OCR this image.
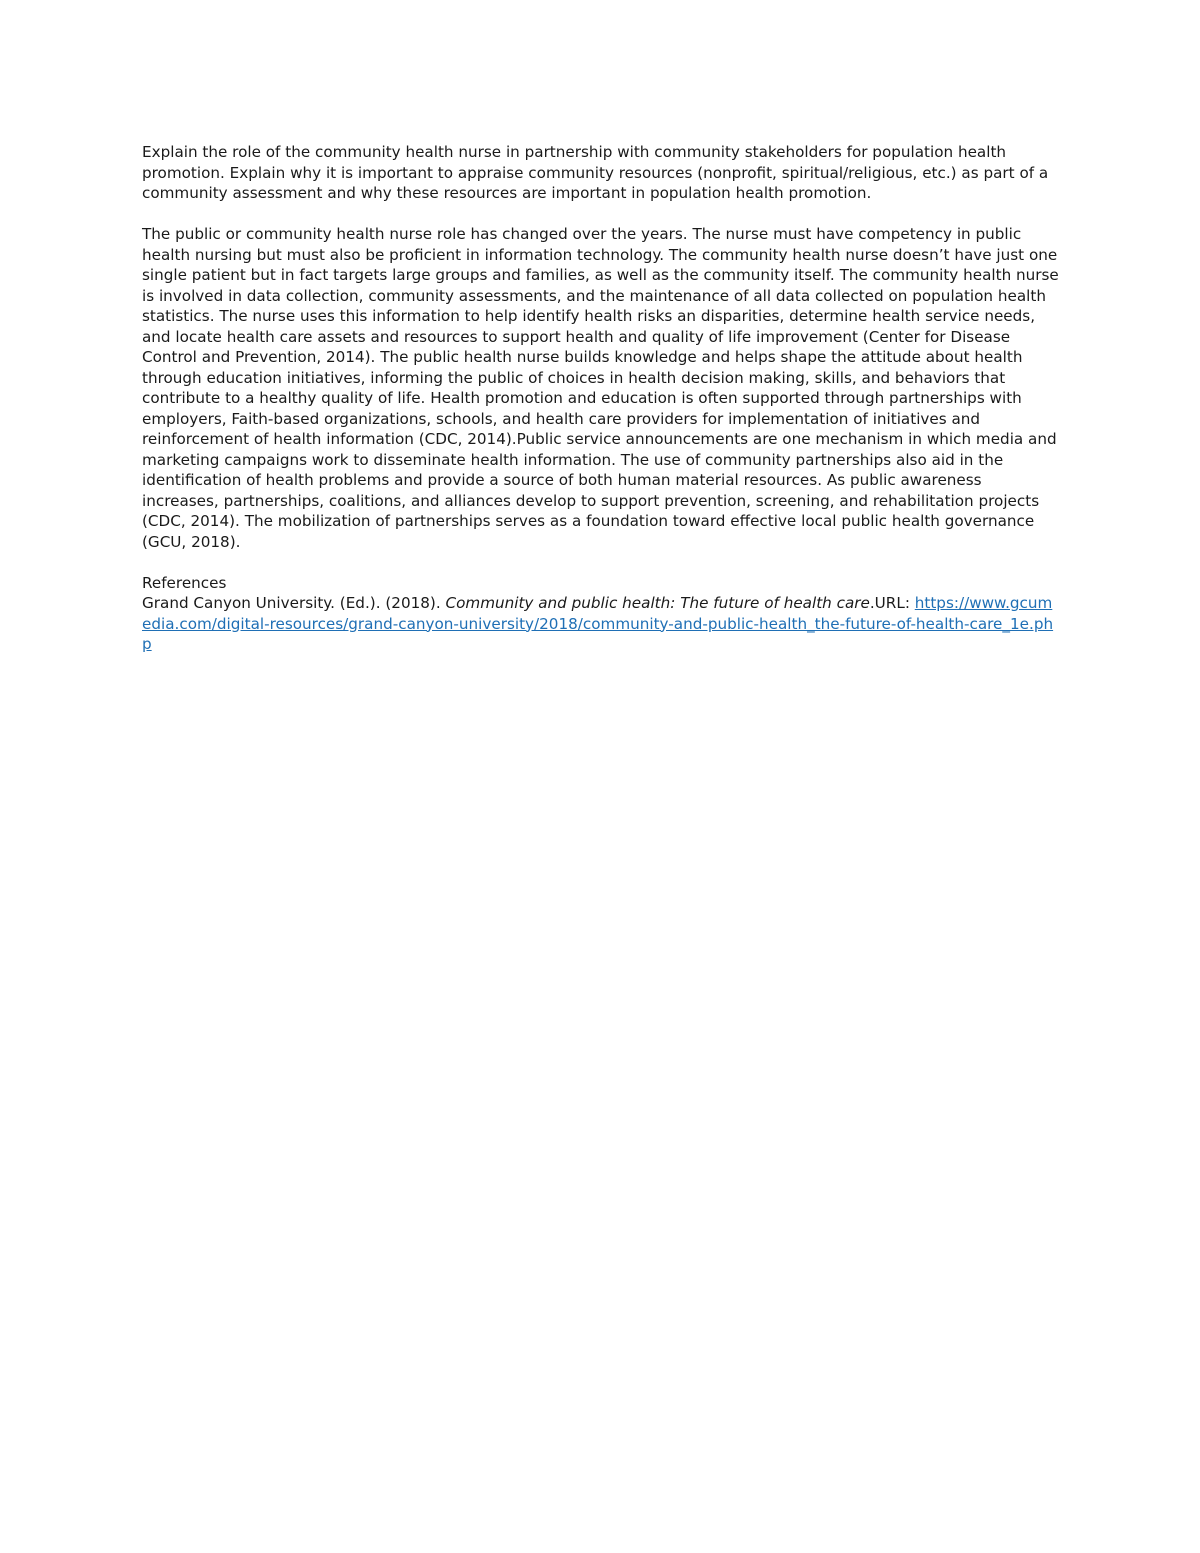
Explain the role of the community health nurse in partnership with community stakeholders for population health promotion. Explain why it is important to appraise community resources (nonprofit, spiritual/religious, etc.) as part of a community assessment and why these resources are important in population health promotion.

The public or community health nurse role has changed over the years. The nurse must have competency in public health nursing but must also be proficient in information technology. The community health nurse doesn’t have just one single patient but in fact targets large groups and families, as well as the community itself. The community health nurse is involved in data collection, community assessments, and the maintenance of all data collected on population health statistics. The nurse uses this information to help identify health risks an disparities, determine health service needs, and locate health care assets and resources to support health and quality of life improvement (Center for Disease Control and Prevention, 2014). The public health nurse builds knowledge and helps shape the attitude about health through education initiatives, informing the public of choices in health decision making, skills, and behaviors that contribute to a healthy quality of life. Health promotion and education is often supported through partnerships with employers, Faith-based organizations, schools, and health care providers for implementation of initiatives and reinforcement of health information (CDC, 2014).Public service announcements are one mechanism in which media and marketing campaigns work to disseminate health information. The use of community partnerships also aid in the identification of health problems and provide a source of both human material resources. As public awareness increases, partnerships, coalitions, and alliances develop to support prevention, screening, and rehabilitation projects (CDC, 2014). The mobilization of partnerships serves as a foundation toward effective local public health governance (GCU, 2018).

References

Grand Canyon University. (Ed.). (2018). Community and public health: The future of health care.URL: https://www.gcumedia.com/digital-resources/grand-canyon-university/2018/community-and-public-health_the-future-of-health-care_1e.php
